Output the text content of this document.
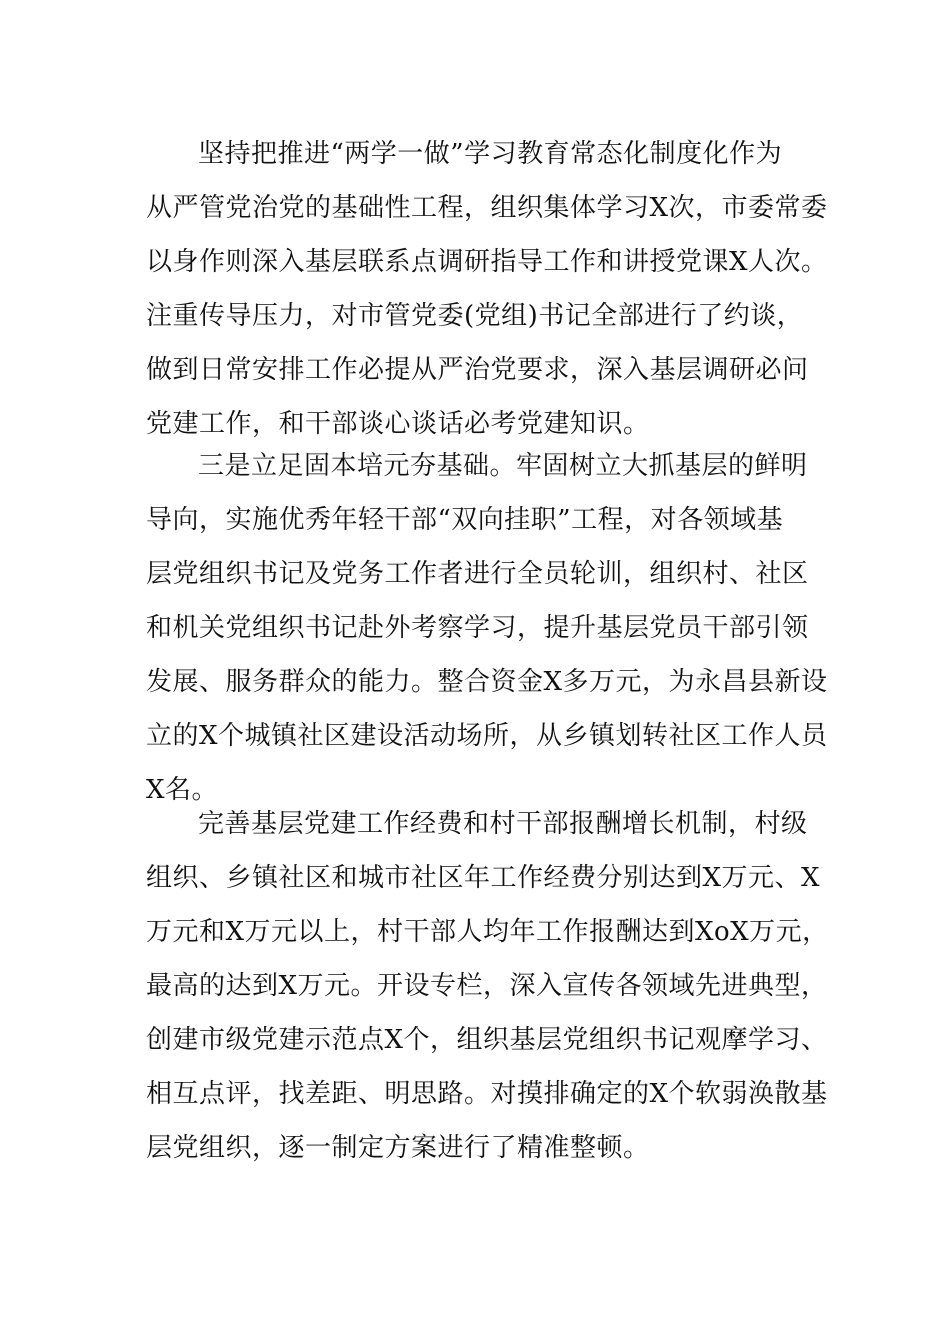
坚持把推进“两学一做”学习教育常态化制度化作为
从严管党治党的基础性工程，组织集体学习X次，市委常委
以身作则深入基层联系点调研指导工作和讲授党课X人次。
注重传导压力，对市管党委(党组)书记全部进行了约谈，
做到日常安排工作必提从严治党要求，深入基层调研必问
党建工作，和干部谈心谈话必考党建知识。
三是立足固本培元夯基础。牢固树立大抓基层的鲜明
导向，实施优秀年轻干部“双向挂职”工程，对各领域基
层党组织书记及党务工作者进行全员轮训，组织村、社区
和机关党组织书记赴外考察学习，提升基层党员干部引领
发展、服务群众的能力。整合资金X多万元，为永昌县新设
立的X个城镇社区建设活动场所，从乡镇划转社区工作人员
X名。
完善基层党建工作经费和村干部报酬增长机制，村级
组织、乡镇社区和城市社区年工作经费分别达到X万元、X
万元和X万元以上，村干部人均年工作报酬达到XoX万元，
最高的达到X万元。开设专栏，深入宣传各领域先进典型，
创建市级党建示范点X个，组织基层党组织书记观摩学习、
相互点评，找差距、明思路。对摸排确定的X个软弱涣散基
层党组织，逐一制定方案进行了精准整顿。
